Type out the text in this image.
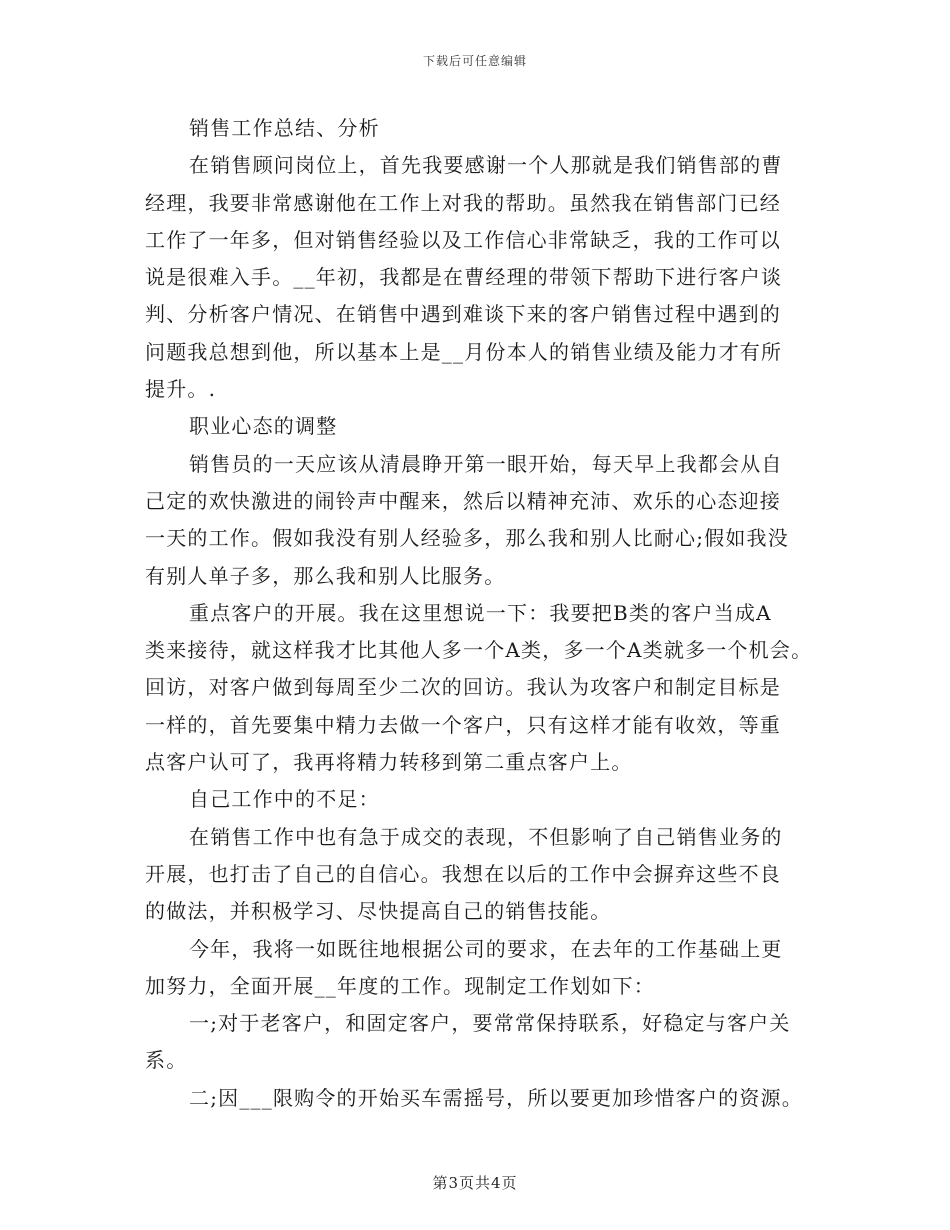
下载后可任意编辑
销售工作总结、分析
在销售顾问岗位上，首先我要感谢一个人那就是我们销售部的曹
经理，我要非常感谢他在工作上对我的帮助。虽然我在销售部门已经
工作了一年多，但对销售经验以及工作信心非常缺乏，我的工作可以
说是很难入手。__年初，我都是在曹经理的带领下帮助下进行客户谈
判、分析客户情况、在销售中遇到难谈下来的客户销售过程中遇到的
问题我总想到他，所以基本上是__月份本人的销售业绩及能力才有所
提升。.
职业心态的调整
销售员的一天应该从清晨睁开第一眼开始，每天早上我都会从自
己定的欢快激进的闹铃声中醒来，然后以精神充沛、欢乐的心态迎接
一天的工作。假如我没有别人经验多，那么我和别人比耐心;假如我没
有别人单子多，那么我和别人比服务。
重点客户的开展。我在这里想说一下：我要把B类的客户当成A
类来接待，就这样我才比其他人多一个A类，多一个A类就多一个机会。
回访，对客户做到每周至少二次的回访。我认为攻客户和制定目标是
一样的，首先要集中精力去做一个客户，只有这样才能有收效，等重
点客户认可了，我再将精力转移到第二重点客户上。
自己工作中的不足：
在销售工作中也有急于成交的表现，不但影响了自己销售业务的
开展，也打击了自己的自信心。我想在以后的工作中会摒弃这些不良
的做法，并积极学习、尽快提高自己的销售技能。
今年，我将一如既往地根据公司的要求，在去年的工作基础上更
加努力，全面开展__年度的工作。现制定工作划如下：
一;对于老客户，和固定客户，要常常保持联系，好稳定与客户关
系。
二;因___限购令的开始买车需摇号，所以要更加珍惜客户的资源。
第3页共4页
